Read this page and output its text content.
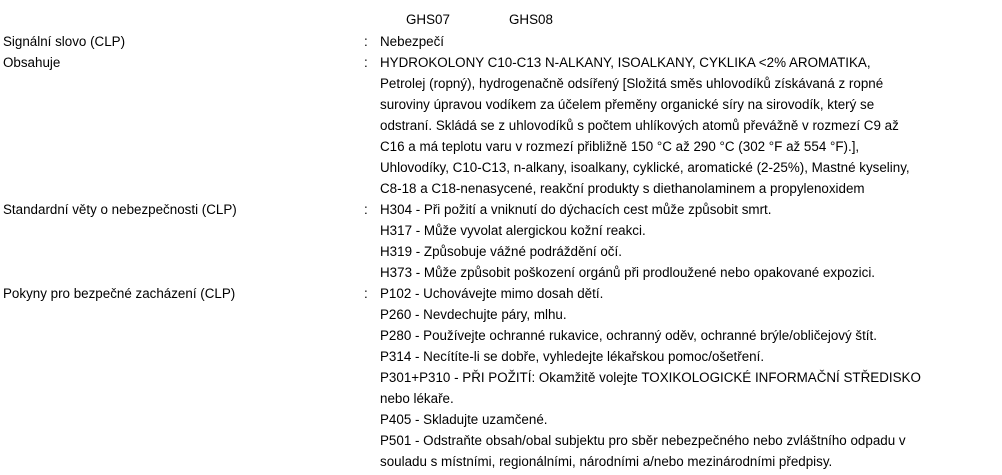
GHS07	GHS08
Signální slovo (CLP)	: Nebezpečí
Obsahuje	: HYDROKOLONY C10-C13 N-ALKANY, ISOALKANY, CYKLIKA <2% AROMATIKA,
Petrolej (ropný), hydrogenačně odsířený [Složitá směs uhlovodíků získávaná z ropné
suroviny úpravou vodíkem za účelem přeměny organické síry na sirovodík, který se
odstraní. Skládá se z uhlovodíků s počtem uhlíkových atomů převážně v rozmezí C9 až
C16 a má teplotu varu v rozmezí přibližně 150 °C až 290 °C (302 °F až 554 °F).],
Uhlovodíky, C10-C13, n-alkany, isoalkany, cyklické, aromatické (2-25%), Mastné kyseliny,
C8-18 a C18-nenasycené, reakční produkty s diethanolaminem a propylenoxidem
Standardní věty o nebezpečnosti (CLP)	: H304 - Při požití a vniknutí do dýchacích cest může způsobit smrt.
H317 - Může vyvolat alergickou kožní reakci.
H319 - Způsobuje vážné podráždění očí.
H373 - Může způsobit poškození orgánů při prodloužené nebo opakované expozici.
Pokyny pro bezpečné zacházení (CLP)	: P102 - Uchovávejte mimo dosah dětí.
P260 - Nevdechujte páry, mlhu.
P280 - Používejte ochranné rukavice, ochranný oděv, ochranné brýle/obličejový štít.
P314 - Necítíte-li se dobře, vyhledejte lékařskou pomoc/ošetření.
P301+P310 - PŘI POŽITÍ: Okamžitě volejte TOXIKOLOGICKÉ INFORMAČNÍ STŘEDISKO
nebo lékaře.
P405 - Skladujte uzamčené.
P501 - Odstraňte obsah/obal subjektu pro sběr nebezpečného nebo zvláštního odpadu v
souladu s místními, regionálními, národními a/nebo mezinárodními předpisy.
